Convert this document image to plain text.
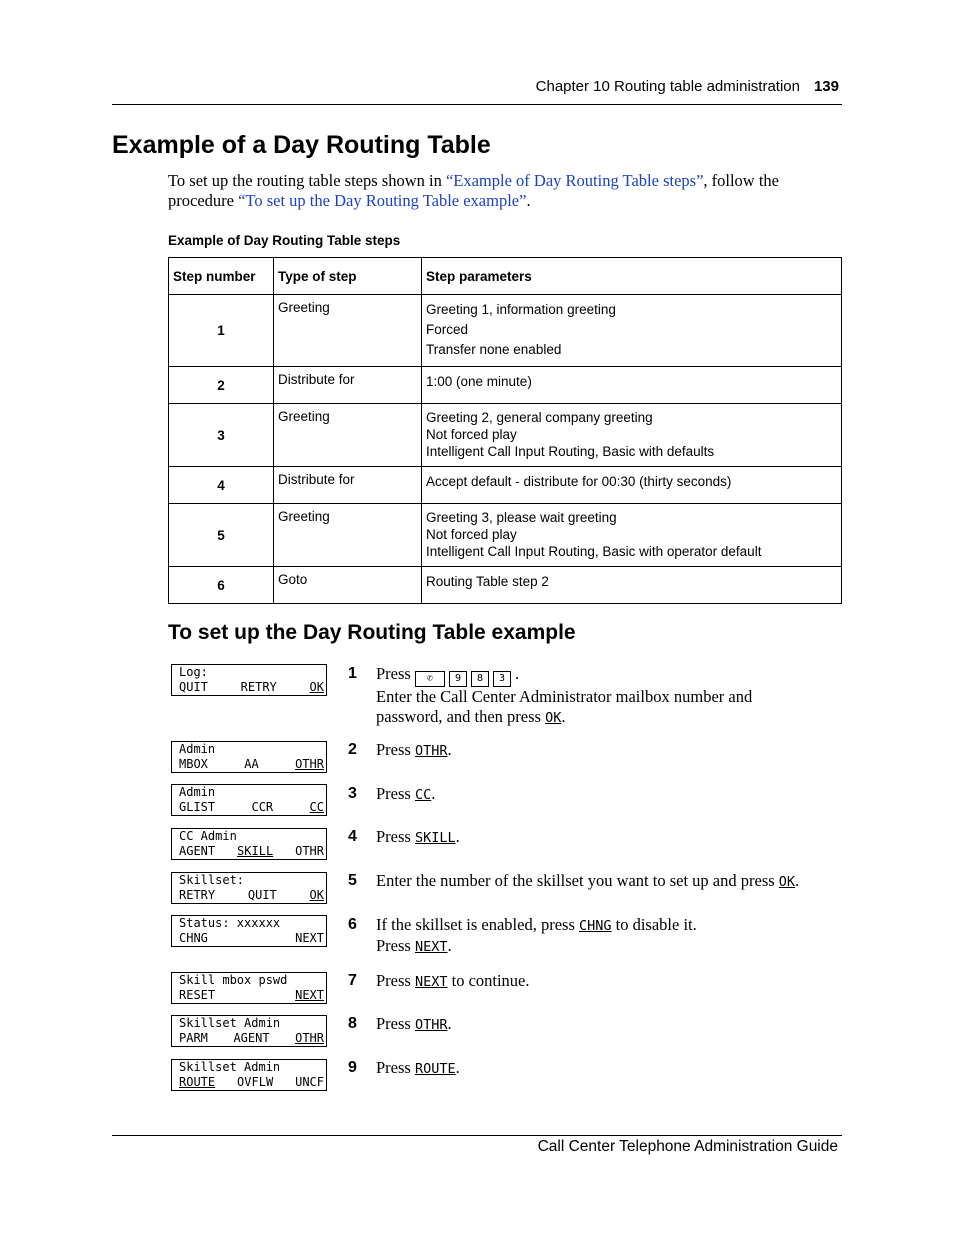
Chapter 10 Routing table administration 139
Example of a Day Routing Table

To set up the routing table steps shown in “Example of Day Routing Table steps”, follow the procedure “To set up the Day Routing Table example”.

Example of Day Routing Table steps
Step number	Type of step	Step parameters
1	Greeting	Greeting 1, information greeting
Forced
Transfer none enabled

2	Distribute for	1:00 (one minute)

3	Greeting	Greeting 2, general company greeting
Not forced play
Intelligent Call Input Routing, Basic with defaults

4	Distribute for	Accept default - distribute for 00:30 (thirty seconds)

5	Greeting	Greeting 3, please wait greeting
Not forced play
Intelligent Call Input Routing, Basic with operator default

6	Goto	Routing Table step 2
To set up the Day Routing Table example
Log:
QUIT	RETRY	OK
Admin
MBOX	AA	OTHR
Admin
GLIST	CCR	CC
CC Admin
AGENT SKILL OTHR
Skillset:
RETRY	QUIT	OK
Status: xxxxxx
CHNG	NEXT
Skill mbox pswd
RESET	NEXT
Skillset Admin
PARM AGENT OTHR
Skillset Admin
ROUTE OVFLW UNCF
1 Press ✆ 9 8 3 .
Enter the Call Center Administrator mailbox number and password, and then press OK.
2 Press OTHR.
3 Press CC.
4 Press SKILL.
5 Enter the number of the skillset you want to set up and press OK.
6 If the skillset is enabled, press CHNG to disable it.
Press NEXT.
7 Press NEXT to continue.
8 Press OTHR.
9 Press ROUTE.
Call Center Telephone Administration Guide
